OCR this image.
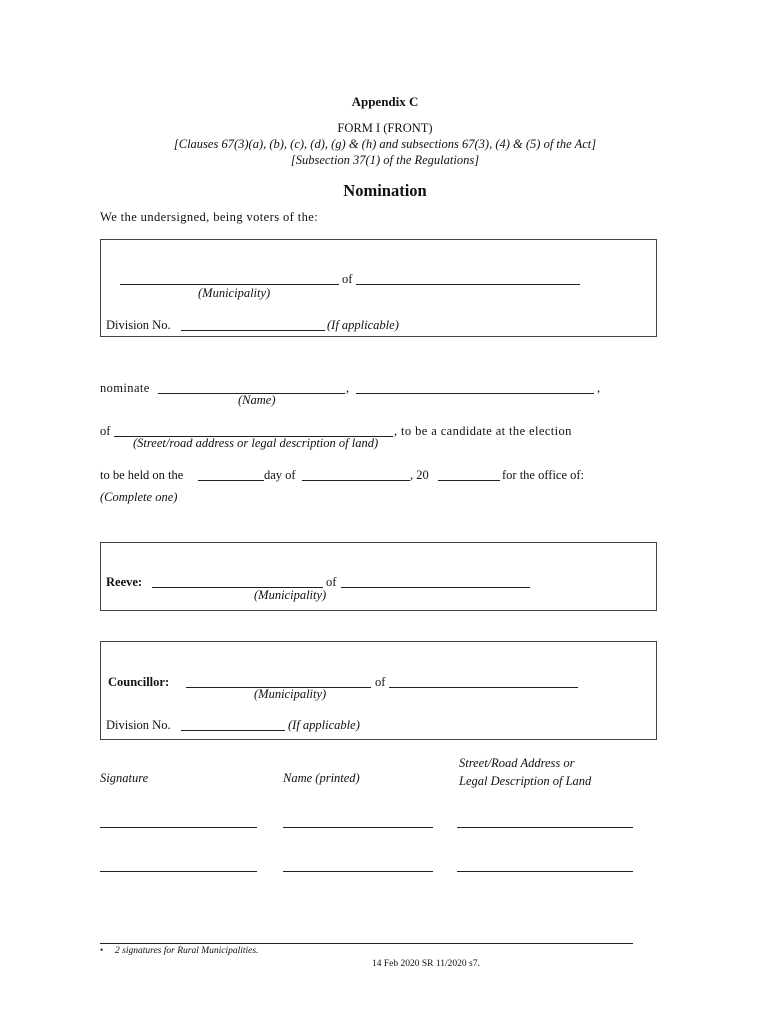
Appendix C
FORM I (FRONT)
[Clauses 67(3)(a), (b), (c), (d), (g) & (h) and subsections 67(3), (4) & (5) of the Act]
[Subsection 37(1) of the Regulations]
Nomination
We the undersigned, being voters of the:
of
(Municipality)
Division No.	(If applicable)
nominate	,	,
(Name)
of	, to be a candidate at the election
(Street/road address or legal description of land)
to be held on the	day of	, 20	for the office of:
(Complete one)
Reeve:	of
(Municipality)
Councillor:	of
(Municipality)
Division No.	(If applicable)
Signature	Name (printed)
Street/Road Address or
Legal Description of Land
• 2 signatures for Rural Municipalities.
14 Feb 2020 SR 11/2020 s7.
